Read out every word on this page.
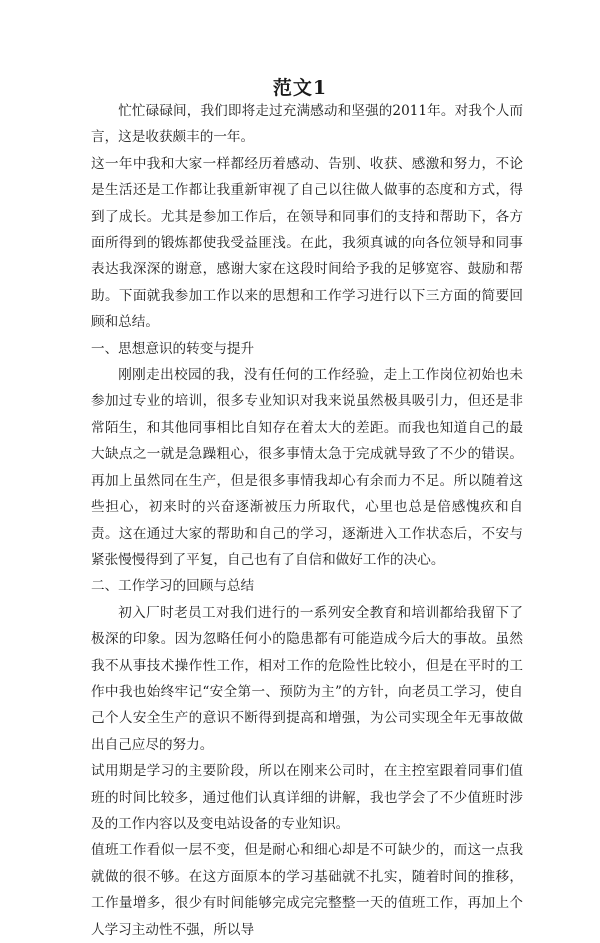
范文1

忙忙碌碌间，我们即将走过充满感动和坚强的2011年。对我个人而言，这是收获颇丰的一年。

这一年中我和大家一样都经历着感动、告别、收获、感激和努力，不论是生活还是工作都让我重新审视了自己以往做人做事的态度和方式，得到了成长。尤其是参加工作后，在领导和同事们的支持和帮助下，各方面所得到的锻炼都使我受益匪浅。在此，我须真诚的向各位领导和同事表达我深深的谢意，感谢大家在这段时间给予我的足够宽容、鼓励和帮助。下面就我参加工作以来的思想和工作学习进行以下三方面的简要回顾和总结。

一、思想意识的转变与提升

刚刚走出校园的我，没有任何的工作经验，走上工作岗位初始也未参加过专业的培训，很多专业知识对我来说虽然极具吸引力，但还是非常陌生，和其他同事相比自知存在着太大的差距。而我也知道自己的最大缺点之一就是急躁粗心，很多事情太急于完成就导致了不少的错误。再加上虽然同在生产，但是很多事情我却心有余而力不足。所以随着这些担心，初来时的兴奋逐渐被压力所取代，心里也总是倍感愧疚和自责。这在通过大家的帮助和自己的学习，逐渐进入工作状态后，不安与紧张慢慢得到了平复，自己也有了自信和做好工作的决心。

二、工作学习的回顾与总结

初入厂时老员工对我们进行的一系列安全教育和培训都给我留下了极深的印象。因为忽略任何小的隐患都有可能造成今后大的事故。虽然我不从事技术操作性工作，相对工作的危险性比较小，但是在平时的工作中我也始终牢记“安全第一、预防为主”的方针，向老员工学习，使自己个人安全生产的意识不断得到提高和增强，为公司实现全年无事故做出自己应尽的努力。

试用期是学习的主要阶段，所以在刚来公司时，在主控室跟着同事们值班的时间比较多，通过他们认真详细的讲解，我也学会了不少值班时涉及的工作内容以及变电站设备的专业知识。

值班工作看似一层不变，但是耐心和细心却是不可缺少的，而这一点我就做的很不够。在这方面原本的学习基础就不扎实，随着时间的推移，工作量增多，很少有时间能够完成完完整整一天的值班工作，再加上个人学习主动性不强，所以导
